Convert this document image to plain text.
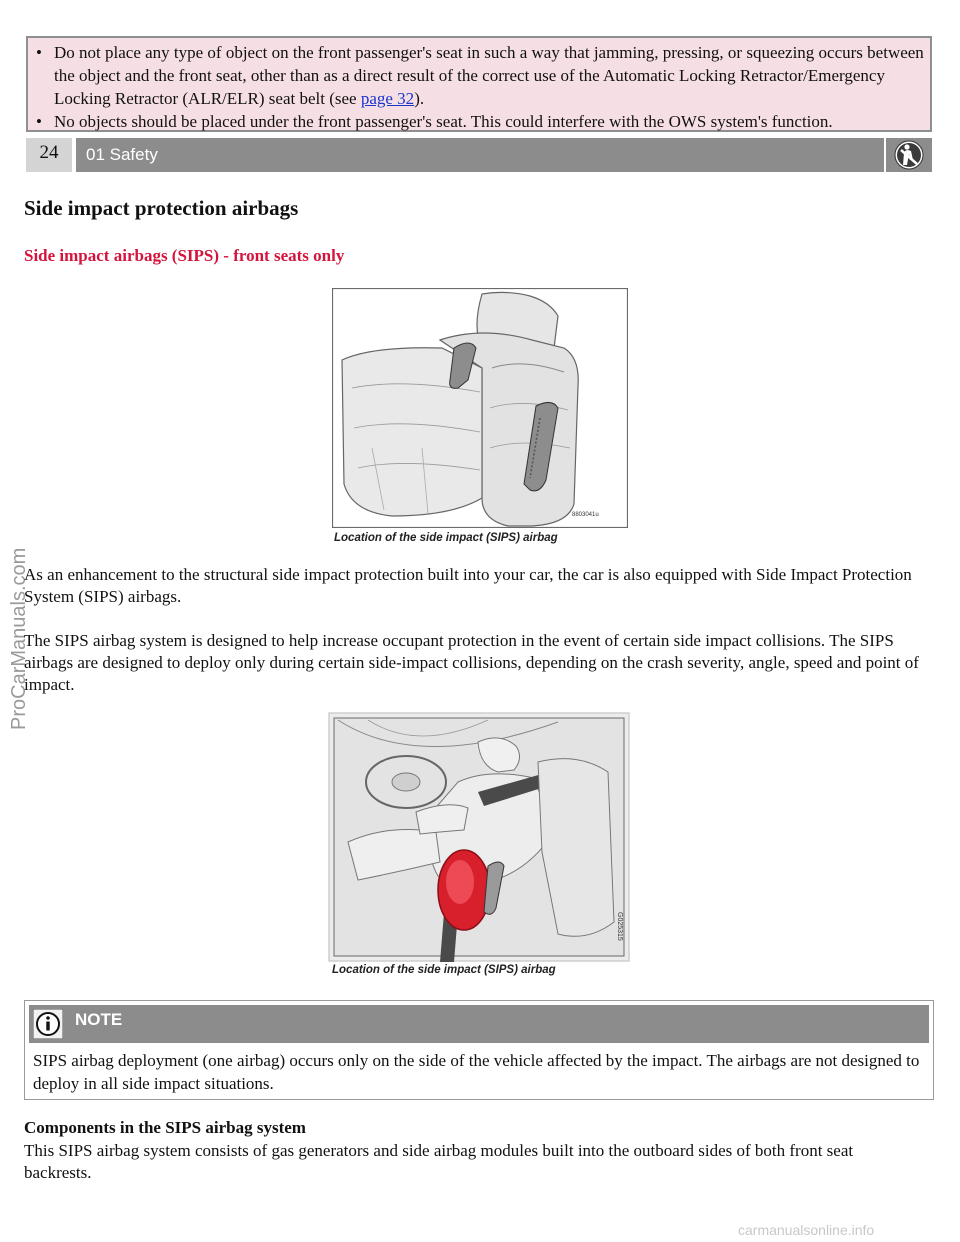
• Do not place any type of object on the front passenger's seat in such a way that jamming, pressing, or squeezing occurs between the object and the front seat, other than as a direct result of the correct use of the Automatic Locking Retractor/Emergency Locking Retractor (ALR/ELR) seat belt (see page 32).

• No objects should be placed under the front passenger's seat. This could interfere with the OWS system's function.

24	01 Safety
ProCarManuals.com
Side impact protection airbags
Side impact airbags (SIPS) - front seats only
8803041u
Location of the side impact (SIPS) airbag

As an enhancement to the structural side impact protection built into your car, the car is also equipped with Side Impact Protection System (SIPS) airbags.

The SIPS airbag system is designed to help increase occupant protection in the event of certain side impact collisions. The SIPS airbags are designed to deploy only during certain side-impact collisions, depending on the crash severity, angle, speed and point of impact.

G025315
Location of the side impact (SIPS) airbag
NOTE

SIPS airbag deployment (one airbag) occurs only on the side of the vehicle affected by the impact. The airbags are not designed to deploy in all side impact situations.

Components in the SIPS airbag system

This SIPS airbag system consists of gas generators and side airbag modules built into the outboard sides of both front seat backrests.

carmanualsonline.info
